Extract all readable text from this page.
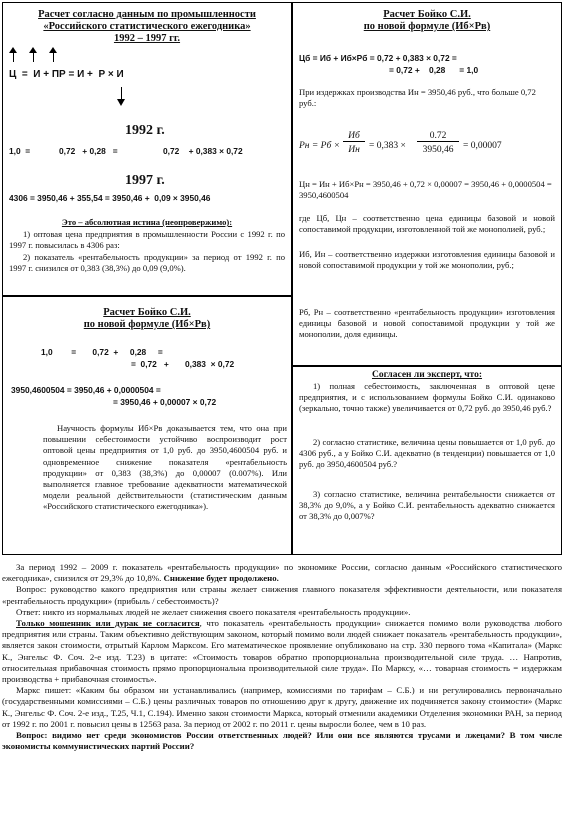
Расчет согласно данным по промышленности
«Российского статистического ежегодника»
1992 – 1997 гг.
Ц  =  И + ПР = И +  Р × И
1992 г.
1,0  =	0,72   + 0,28   =	0,72    + 0,383 × 0,72
1997 г.
4306 = 3950,46 + 355,54 = 3950,46 +  0,09 × 3950,46
Это – абсолютная истина (неопровержимо):
1) оптовая цена предприятия в промышленности России с 1992 г. по 1997 г. повысилась в 4306 раз:
2) показатель «рентабельность продукции» за период от 1992 г. по 1997 г. снизился от 0,383 (38,3%) до 0,09 (9,0%).
Расчет Бойко С.И.
по новой формуле (Иб×Рв)
1,0        =       0,72  +     0,28     =
=  0,72   +       0,383  × 0,72
3950,4600504 = 3950,46 + 0,0000504 =
= 3950,46 + 0,00007 × 0,72
Научность формулы Иб×Рв доказывается тем, что она при повышении себестоимости устойчиво воспроизводит рост оптовой цены предприятия от 1,0 руб. до 3950,4600504 руб. и одновременное снижение показателя «рентабельность продукции» от 0,383 (38,3%) до 0,00007 (0.007%). Или выполняется главное требование адекватности математической модели реальной действительности (статистическим данным «Российского статистического ежегодника»).
Расчет Бойко С.И.
по новой формуле (Иб×Рв)
Цб = Иб + Иб×Рб = 0,72 + 0,383 × 0,72 =
= 0,72 +    0,28      = 1,0
При издержках производства Ин = 3950,46 руб., что больше 0,72 руб.:
Pн = Pб ×
Иб
Ин = 0,383 ×
0.72
3950,46	= 0,00007
Цн = Ин + Иб×Рн = 3950,46 + 0,72 × 0,00007 = 3950,46 + 0,0000504 = 3950,4600504
где Цб, Цн – соответственно цена единицы базовой и новой сопоставимой продукции, изготовленной той же монополией, руб.;
Иб, Ин – соответственно издержки изготовления единицы базовой и новой сопоставимой продукции у той же монополии, руб.;
Рб, Рн – соответственно «рентабельность продукции» изготовления единицы базовой и новой сопоставимой продукции у той же монополии, доля единицы.
Согласен ли эксперт, что:
1) полная себестоимость, заключенная в оптовой цене предприятия, и с использованием формулы Бойко С.И. одинаково (зеркально, точно также) увеличивается от 0,72 руб. до 3950,46 руб.?
2) согласно статистике, величина цены повышается от 1,0 руб. до 4306 руб., а у Бойко С.И. адекватно (в тенденции) повышается от 1,0 руб. до 3950,4600504 руб.?
3) согласно статистике, величина рентабельности снижается от 38,3% до 9,0%, а у Бойко С.И. рентабельность адекватно снижается от 38,3% до 0,007%?

За период 1992 – 2009 г. показатель «рентабельность продукции» по экономике России, согласно данным «Российского статистического ежегодника», снизился от 29,3% до 10,8%. Снижение будет продолжено.

Вопрос: руководство какого предприятия или страны желает снижения главного показателя эффективности деятельности, или показателя «рентабельность продукции» (прибыль / себестоимость)?

Ответ: никто из нормальных людей не желает снижения своего показателя «рентабельность продукции».

Только мошенник или дурак не согласится, что показатель «рентабельность продукции» снижается помимо воли руководства любого предприятия или страны. Таким объективно действующим законом, который помимо воли людей снижает показатель «рентабельность продукции», является закон стоимости, отрытый Карлом Марксом. Его математическое проявление опубликовано на стр. 330 первого тома «Капитала» (Маркс К., Энгельс Ф. Соч. 2-е изд. Т.23) в цитате: «Стоимость товаров обратно пропорциональна производительной силе труда. … Напротив, относительная прибавочная стоимость прямо пропорциональна производительной силе труда». По Марксу, «… товарная стоимость = издержкам производства + прибавочная стоимость».

Маркс пишет: «Каким бы образом ни устанавливались (например, комиссиями по тарифам – С.Б.) и ни регулировались первоначально (государственными комиссиями – С.Б.) цены различных товаров по отношению друг к другу, движение их подчиняется закону стоимости» (Маркс К., Энгельс Ф. Соч. 2-е изд., Т.25, Ч.1, С.194). Именно закон стоимости Маркса, который отменили академики Отделения экономики РАН, за период от 1992 г. по 2001 г. повысил цены в 12563 раза. За период от 2002 г. по 2011 г. цены выросли более, чем в 10 раз.

Вопрос: видимо нет среди экономистов России ответственных людей? Или они все являются трусами и лжецами? В том числе экономисты коммунистических партий России?
